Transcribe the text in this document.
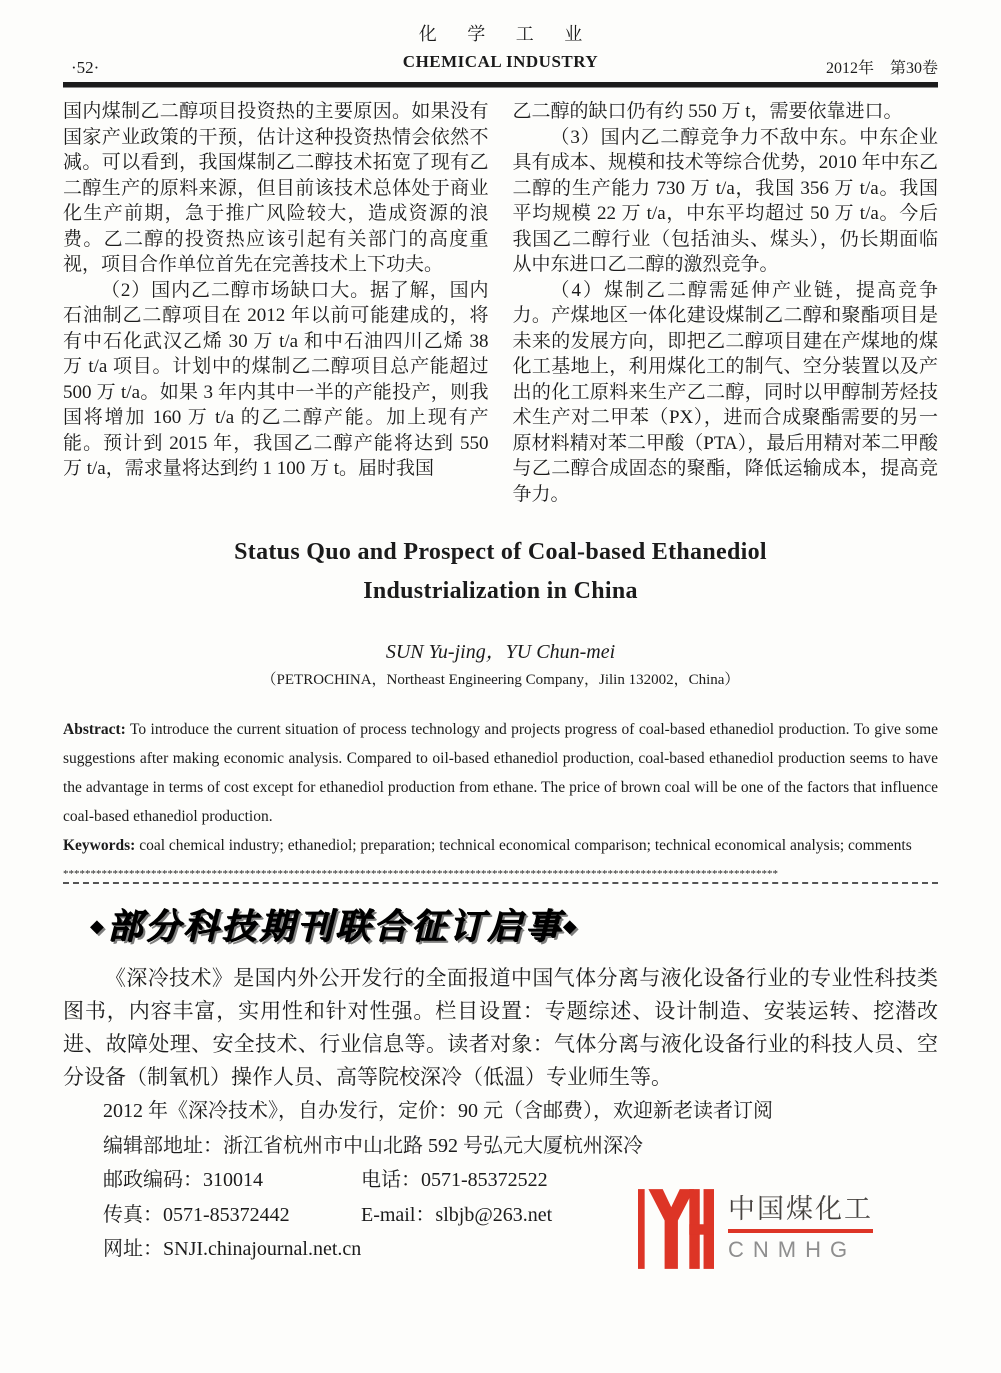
化 学 工 业
CHEMICAL INDUSTRY
·52·	2012年　第30卷

国内煤制乙二醇项目投资热的主要原因。如果没有国家产业政策的干预，估计这种投资热情会依然不减。可以看到，我国煤制乙二醇技术拓宽了现有乙二醇生产的原料来源，但目前该技术总体处于商业化生产前期，急于推广风险较大，造成资源的浪费。乙二醇的投资热应该引起有关部门的高度重视，项目合作单位首先在完善技术上下功夫。

（2）国内乙二醇市场缺口大。据了解，国内石油制乙二醇项目在 2012 年以前可能建成的，将有中石化武汉乙烯 30 万 t/a 和中石油四川乙烯 38 万 t/a 项目。计划中的煤制乙二醇项目总产能超过 500 万 t/a。如果 3 年内其中一半的产能投产，则我国将增加 160 万 t/a 的乙二醇产能。加上现有产能。预计到 2015 年，我国乙二醇产能将达到 550 万 t/a，需求量将达到约 1 100 万 t。届时我国

乙二醇的缺口仍有约 550 万 t，需要依靠进口。

（3）国内乙二醇竞争力不敌中东。中东企业具有成本、规模和技术等综合优势，2010 年中东乙二醇的生产能力 730 万 t/a，我国 356 万 t/a。我国平均规模 22 万 t/a，中东平均超过 50 万 t/a。今后我国乙二醇行业（包括油头、煤头），仍长期面临从中东进口乙二醇的激烈竞争。

（4）煤制乙二醇需延伸产业链，提高竞争力。产煤地区一体化建设煤制乙二醇和聚酯项目是未来的发展方向，即把乙二醇项目建在产煤地的煤化工基地上，利用煤化工的制气、空分装置以及产出的化工原料来生产乙二醇，同时以甲醇制芳烃技术生产对二甲苯（PX），进而合成聚酯需要的另一原材料精对苯二甲酸（PTA），最后用精对苯二甲酸与乙二醇合成固态的聚酯，降低运输成本，提高竞争力。

Status Quo and Prospect of Coal-based Ethanediol
Industrialization in China
SUN Yu-jing，YU Chun-mei
（PETROCHINA，Northeast Engineering Company，Jilin 132002，China）

Abstract: To introduce the current situation of process technology and projects progress of coal-based ethanediol production. To give some suggestions after making economic analysis. Compared to oil-based ethanediol production, coal-based ethanediol production seems to have the advantage in terms of cost except for ethanediol production from ethane. The price of brown coal will be one of the factors that influence coal-based ethanediol production.

Keywords: coal chemical industry; ethanediol; preparation; technical economical comparison; technical economical analysis; comments

**********************************************************************************************************************************
◆部分科技期刊联合征订启事◆
《深冷技术》是国内外公开发行的全面报道中国气体分离与液化设备行业的专业性科技类图书，内容丰富，实用性和针对性强。栏目设置：专题综述、设计制造、安装运转、挖潜改进、故障处理、安全技术、行业信息等。读者对象：气体分离与液化设备行业的科技人员、空分设备（制氧机）操作人员、高等院校深冷（低温）专业师生等。
2012 年《深冷技术》，自办发行，定价：90 元（含邮费），欢迎新老读者订阅
编辑部地址：浙江省杭州市中山北路 592 号弘元大厦杭州深冷
邮政编码：310014	电话：0571-85372522
传真：0571-85372442	E-mail：slbjb@263.net
网址：SNJI.chinajournal.net.cn
中国煤化工
CNMHG
